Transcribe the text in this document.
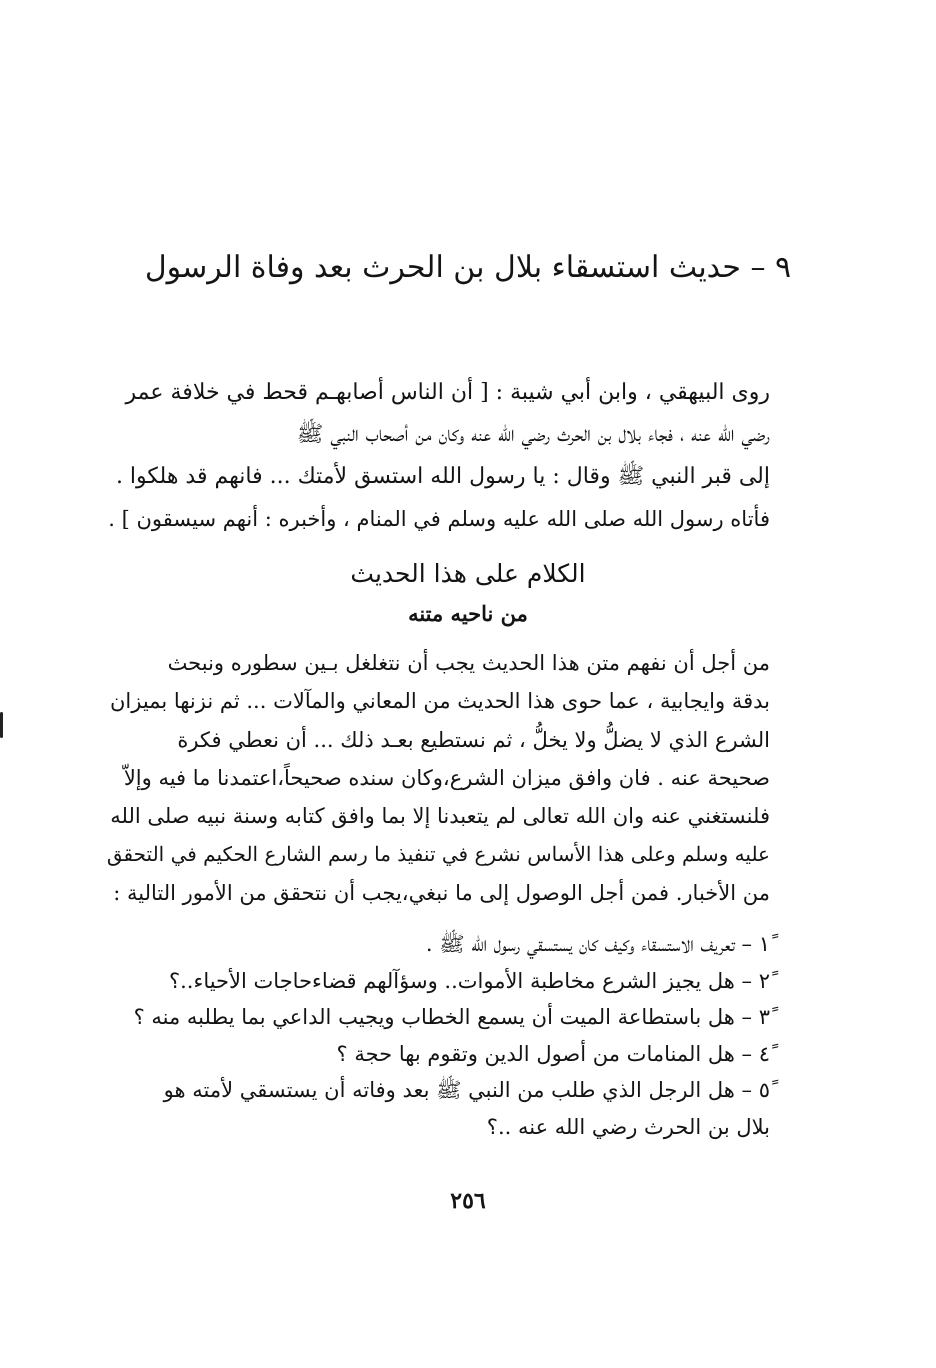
٩ – حديث استسقاء بلال بن الحرث بعد وفاة الرسول
روى البيهقي ، وابن أبي شيبة : [ أن الناس أصابهـم قحط في خلافة عمر
رضي الله عنه ، فجاء بلال بن الحرث رضي الله عنه وكان من أصحاب النبي ﷺ
إلى قبر النبي ﷺ وقال : يا رسول الله استسق لأمتك ... فانهم قد هلكوا .
فأتاه رسول الله صلى الله عليه وسلم في المنام ، وأخبره : أنهم سيسقون ] .
الكلام على هذا الحديث
من ناحيه متنه
من أجل أن نفهم متن هذا الحديث يجب أن نتغلغل بـين سطوره ونبحث
بدقة وايجابية ، عما حوى هذا الحديث من المعاني والمآلات ... ثم نزنها بميزان
الشرع الذي لا يضلُّ ولا يخلُّ ، ثم نستطيع بعـد ذلك ... أن نعطي فكرة
صحيحة عنه . فان وافق ميزان الشرع،وكان سنده صحيحاً،اعتمدنا ما فيه وإلاّ
فلنستغني عنه وان الله تعالى لم يتعبدنا إلا بما وافق كتابه وسنة نبيه صلى الله
عليه وسلم وعلى هذا الأساس نشرع في تنفيذ ما رسم الشارع الحكيم في التحقق
من الأخبار. فمن أجل الوصول إلى ما نبغي،يجب أن نتحقق من الأمور التالية :
١ً – تعريف الاستسقاء وكيف كان يستسقي رسول الله ﷺ .
٢ً – هل يجيز الشرع مخاطبة الأموات.. وسؤآلهم قضاءحاجات الأحياء..؟
٣ً – هل باستطاعة الميت أن يسمع الخطاب ويجيب الداعي بما يطلبه منه ؟
٤ً – هل المنامات من أصول الدين وتقوم بها حجة ؟
٥ً – هل الرجل الذي طلب من النبي ﷺ بعد وفاته أن يستسقي لأمته هو
بلال بن الحرث رضي الله عنه ..؟
٢٥٦
